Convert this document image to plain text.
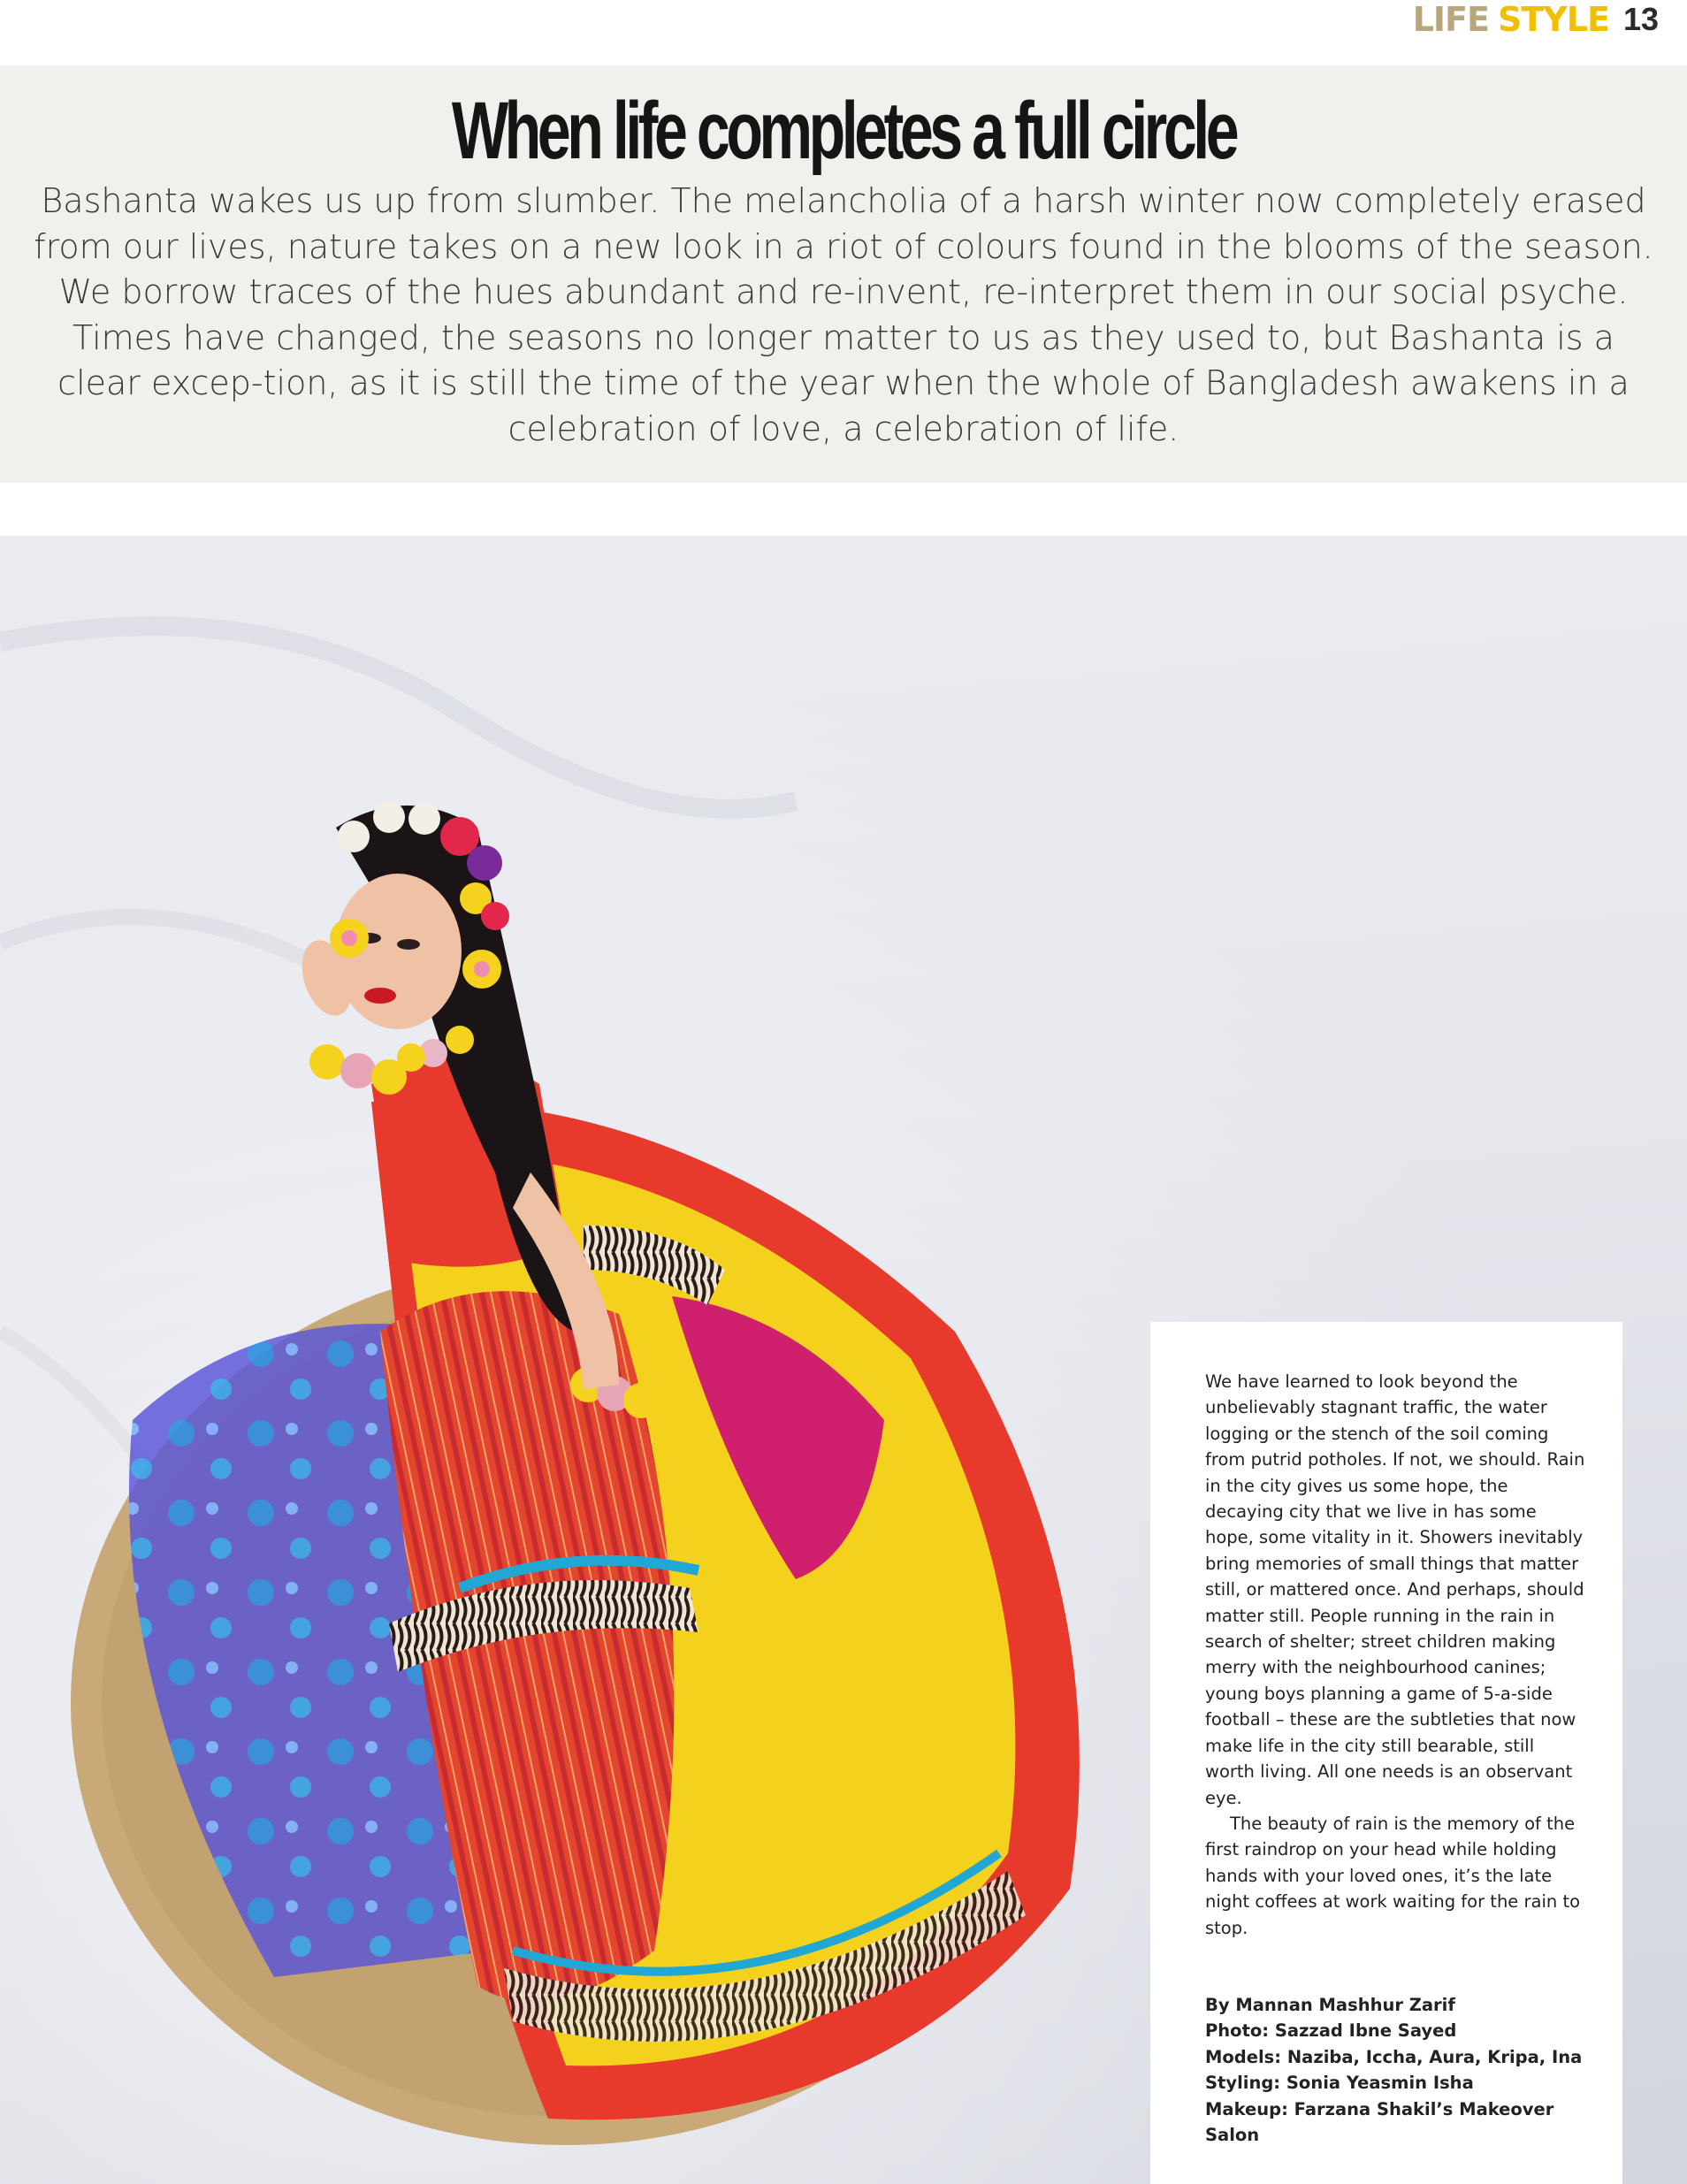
LIFE STYLE 13
When life completes a full circle
Bashanta wakes us up from slumber. The melancholia of a harsh winter now completely erased from our lives, nature takes on a new look in a riot of colours found in the blooms of the season. We borrow traces of the hues abundant and re-invent, re-interpret them in our social psyche. Times have changed, the seasons no longer matter to us as they used to, but Bashanta is a clear excep-tion, as it is still the time of the year when the whole of Bangladesh awakens in a celebration of love, a celebration of life.

We have learned to look beyond the unbelievably stagnant traffic, the water logging or the stench of the soil coming from putrid potholes. If not, we should. Rain in the city gives us some hope, the decaying city that we live in has some hope, some vitality in it. Showers inevitably bring memories of small things that matter still, or mattered once. And perhaps, should matter still. People running in the rain in search of shelter; street children making merry with the neighbourhood canines; young boys planning a game of 5-a-side football – these are the subtleties that now make life in the city still bearable, still worth living. All one needs is an observant eye.

The beauty of rain is the memory of the first raindrop on your head while holding hands with your loved ones, it’s the late night coffees at work waiting for the rain to stop.

By Mannan Mashhur Zarif
Photo: Sazzad Ibne Sayed
Models: Naziba, Iccha, Aura, Kripa, Ina
Styling: Sonia Yeasmin Isha
Makeup: Farzana Shakil’s Makeover Salon
